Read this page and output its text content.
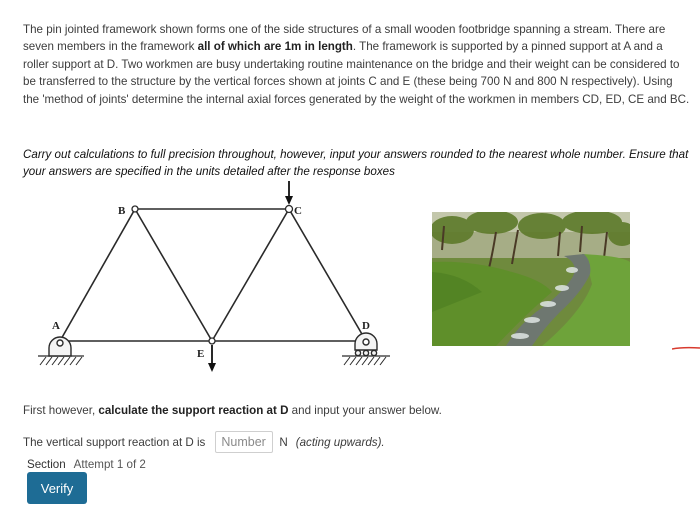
The pin jointed framework shown forms one of the side structures of a small wooden footbridge spanning a stream. There are seven members in the framework all of which are 1m in length. The framework is supported by a pinned support at A and a roller support at D. Two workmen are busy undertaking routine maintenance on the bridge and their weight can be considered to be transferred to the structure by the vertical forces shown at joints C and E (these being 700 N and 800 N respectively). Using the 'method of joints' determine the internal axial forces generated by the weight of the workmen in members CD, ED, CE and BC.

Carry out calculations to full precision throughout, however, input your answers rounded to the nearest whole number. Ensure that your answers are specified in the units detailed after the response boxes

A
B	C
D
E
First however, calculate the support reaction at D and input your answer below.
The vertical support reaction at D is
Number	N (acting upwards).
Section Attempt 1 of 2
Verify
